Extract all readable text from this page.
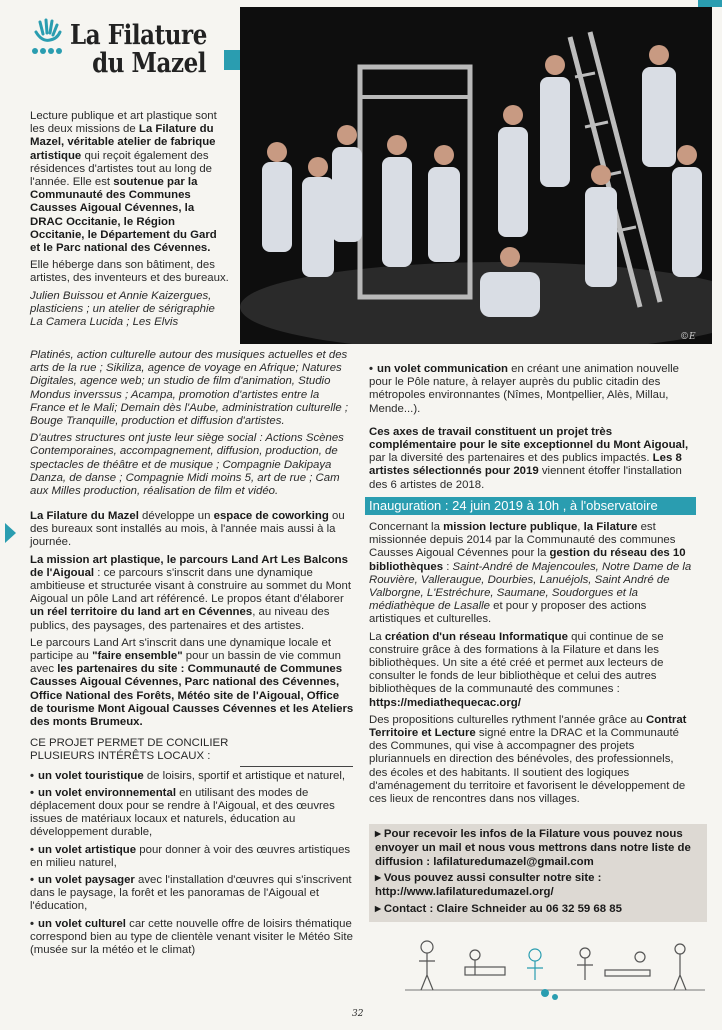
La Filature
du Mazel
©E

Lecture publique et art plastique sont les deux missions de La Filature du Mazel, véritable atelier de fabrique artistique qui reçoit également des résidences d'artistes tout au long de l'année. Elle est soutenue par la Communauté des Communes Causses Aigoual Cévennes, la DRAC Occitanie, le Région Occitanie, le Département du Gard et le Parc national des Cévennes.

Elle héberge dans son bâtiment, des artistes, des inventeurs et des bureaux.

Julien Buissou et Annie Kaizergues, plasticiens ; un atelier de sérigraphie La Camera Lucida ; Les Elvis

Platinés, action culturelle autour des musiques actuelles et des arts de la rue ; Sikiliza, agence de voyage en Afrique; Natures Digitales, agence web; un studio de film d'animation, Studio Mondus inverssus ; Acampa, promotion d'artistes entre la France et le Mali; Demain dès l'Aube, administration culturelle ; Bouge Tranquille, production et diffusion d'artistes.

D'autres structures ont juste leur siège social : Actions Scènes Contemporaines, accompagnement, diffusion, production, de spectacles de théâtre et de musique ; Compagnie Dakipaya Danza, de danse ; Compagnie Midi moins 5, art de rue ; Cam aux Milles production, réalisation de film et vidéo.

La Filature du Mazel développe un espace de coworking ou des bureaux sont installés au mois, à l'année mais aussi à la journée.

La mission art plastique, le parcours Land Art Les Balcons de l'Aigoual : ce parcours s'inscrit dans une dynamique ambitieuse et structurée visant à construire au sommet du Mont Aigoual un pôle Land art référencé. Le propos étant d'élaborer un réel territoire du land art en Cévennes, au niveau des publics, des paysages, des partenaires et des artistes.

Le parcours Land Art s'inscrit dans une dynamique locale et participe au "faire ensemble" pour un bassin de vie commun avec les partenaires du site : Communauté de Communes Causses Aigoual Cévennes, Parc national des Cévennes, Office National des Forêts, Météo site de l'Aigoual, Office de tourisme Mont Aigoual Causses Cévennes et les Ateliers des monts Brumeux.

CE PROJET PERMET DE CONCILIER PLUSIEURS INTÉRÊTS LOCAUX :

• un volet touristique de loisirs, sportif et artistique et naturel,

• un volet environnemental en utilisant des modes de déplacement doux pour se rendre à l'Aigoual, et des œuvres issues de matériaux locaux et naturels, éducation au développement durable,

• un volet artistique pour donner à voir des œuvres artistiques en milieu naturel,

• un volet paysager avec l'installation d'œuvres qui s'inscrivent dans le paysage, la forêt et les panoramas de l'Aigoual et l'éducation,

• un volet culturel car cette nouvelle offre de loisirs thématique correspond bien au type de clientèle venant visiter le Météo Site (musée sur la météo et le climat)

• un volet communication en créant une animation nouvelle pour le Pôle nature, à relayer auprès du public citadin des métropoles environnantes (Nîmes, Montpellier, Alès, Millau, Mende...).

Ces axes de travail constituent un projet très complémentaire pour le site exceptionnel du Mont Aigoual, par la diversité des partenaires et des publics impactés. Les 8 artistes sélectionnés pour 2019 viennent étoffer l'installation des 6 artistes de 2018.

Inauguration : 24 juin 2019 à 10h , à l'observatoire

Concernant la mission lecture publique, la Filature est missionnée depuis 2014 par la Communauté des communes Causses Aigoual Cévennes pour la gestion du réseau des 10 bibliothèques : Saint-André de Majencoules, Notre Dame de la Rouvière, Valleraugue, Dourbies, Lanuéjols, Saint André de Valborgne, L'Estréchure, Saumane, Soudorgues et la médiathèque de Lasalle et pour y proposer des actions artistiques et culturelles.

La création d'un réseau Informatique qui continue de se construire grâce à des formations à la Filature et dans les bibliothèques. Un site a été créé et permet aux lecteurs de consulter le fonds de leur bibliothèque et celui des autres bibliothèques de la communauté des communes :
https://mediathequecac.org/

Des propositions culturelles rythment l'année grâce au Contrat Territoire et Lecture signé entre la DRAC et la Communauté des Communes, qui vise à accompagner des projets pluriannuels en direction des bénévoles, des professionnels, des écoles et des habitants. Il soutient des logiques d'aménagement du territoire et favorisent le développement de ces lieux de rencontres dans nos villages.

▸ Pour recevoir les infos de la Filature vous pouvez nous envoyer un mail et nous vous mettrons dans notre liste de diffusion : lafilaturedumazel@gmail.com

▸ Vous pouvez aussi consulter notre site : http://www.lafilaturedumazel.org/

▸ Contact : Claire Schneider au 06 32 59 68 85

32
